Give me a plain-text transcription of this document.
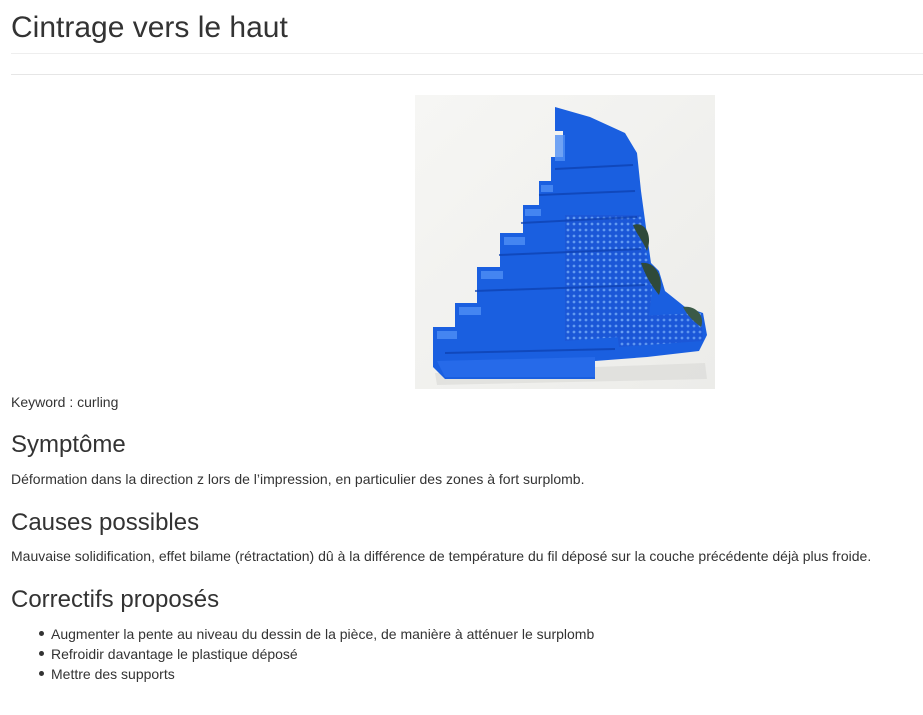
Cintrage vers le haut
Keyword : curling
Symptôme

Déformation dans la direction z lors de l’impression, en particulier des zones à fort surplomb.

Causes possibles

Mauvaise solidification, effet bilame (rétractation) dû à la différence de température du fil déposé sur la couche précédente déjà plus froide.

Correctifs proposés
Augmenter la pente au niveau du dessin de la pièce, de manière à atténuer le surplomb
Refroidir davantage le plastique déposé
Mettre des supports
